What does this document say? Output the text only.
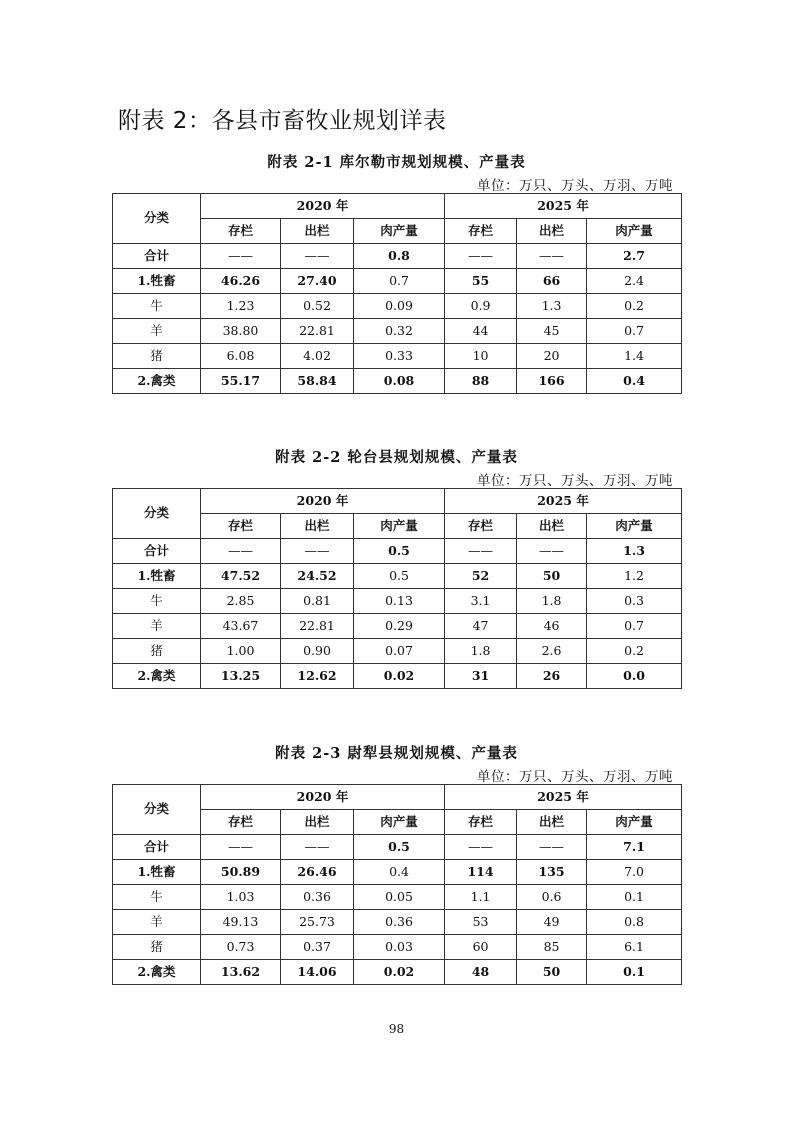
附表 2：各县市畜牧业规划详表
附表 2-1 库尔勒市规划规模、产量表
单位：万只、万头、万羽、万吨
分类	2020 年			2025 年		
	存栏	出栏	肉产量	存栏	出栏	肉产量
合计	——	——	0.8	——	——	2.7
1.牲畜	46.26	27.40	0.7	55	66	2.4
牛	1.23	0.52	0.09	0.9	1.3	0.2
羊	38.80	22.81	0.32	44	45	0.7
猪	6.08	4.02	0.33	10	20	1.4
2.禽类	55.17	58.84	0.08	88	166	0.4
附表 2-2 轮台县规划规模、产量表
单位：万只、万头、万羽、万吨
分类	2020 年			2025 年		
	存栏	出栏	肉产量	存栏	出栏	肉产量
合计	——	——	0.5	——	——	1.3
1.牲畜	47.52	24.52	0.5	52	50	1.2
牛	2.85	0.81	0.13	3.1	1.8	0.3
羊	43.67	22.81	0.29	47	46	0.7
猪	1.00	0.90	0.07	1.8	2.6	0.2
2.禽类	13.25	12.62	0.02	31	26	0.0
附表 2-3 尉犁县规划规模、产量表
单位：万只、万头、万羽、万吨
分类	2020 年			2025 年		
	存栏	出栏	肉产量	存栏	出栏	肉产量
合计	——	——	0.5	——	——	7.1
1.牲畜	50.89	26.46	0.4	114	135	7.0
牛	1.03	0.36	0.05	1.1	0.6	0.1
羊	49.13	25.73	0.36	53	49	0.8
猪	0.73	0.37	0.03	60	85	6.1
2.禽类	13.62	14.06	0.02	48	50	0.1
98
